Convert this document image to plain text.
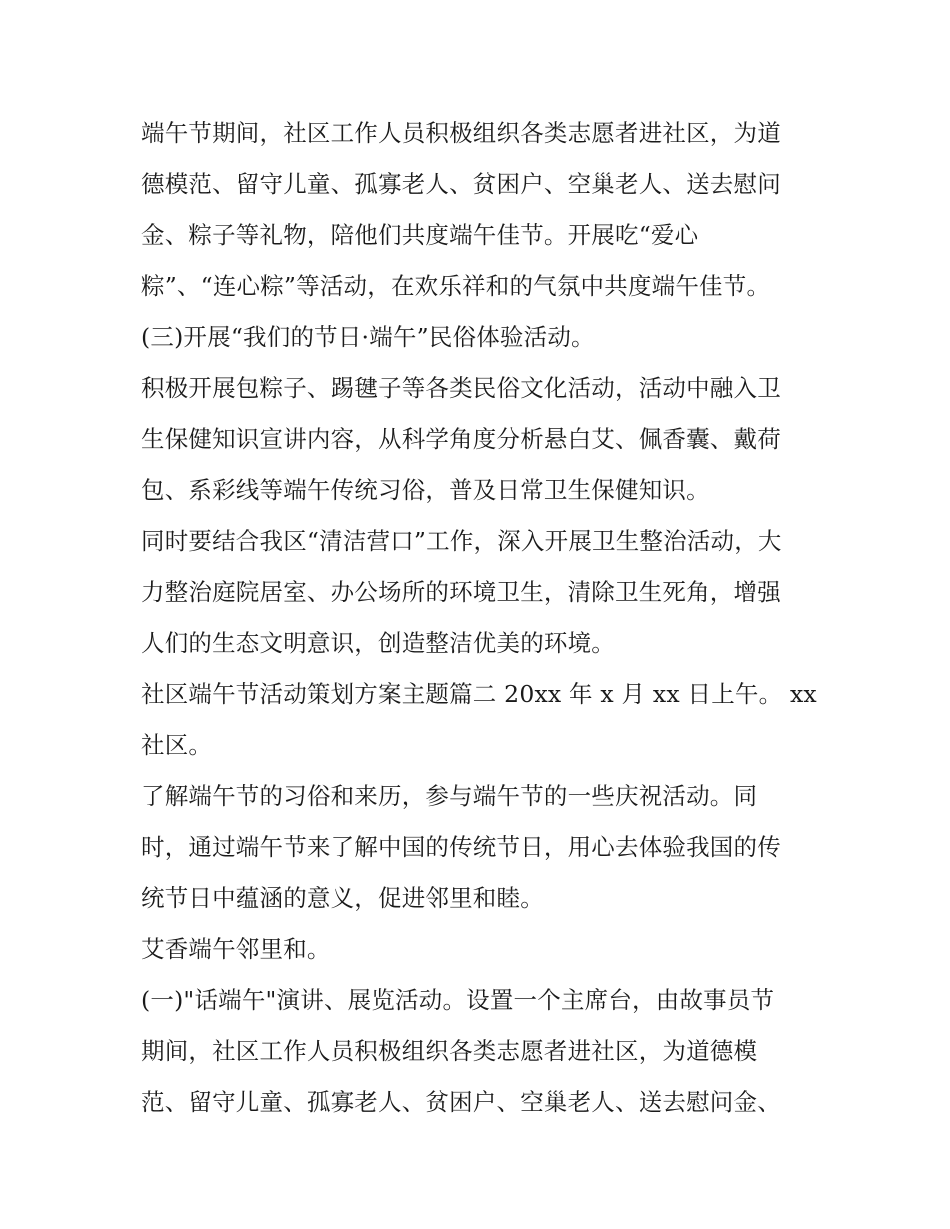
端午节期间，社区工作人员积极组织各类志愿者进社区，为道
德模范、留守儿童、孤寡老人、贫困户、空巢老人、送去慰问
金、粽子等礼物，陪他们共度端午佳节。开展吃“爱心
粽”、“连心粽”等活动，在欢乐祥和的气氛中共度端午佳节。
(三)开展“我们的节日·端午”民俗体验活动。
积极开展包粽子、踢毽子等各类民俗文化活动，活动中融入卫
生保健知识宣讲内容，从科学角度分析悬白艾、佩香囊、戴荷
包、系彩线等端午传统习俗，普及日常卫生保健知识。
同时要结合我区“清洁营口”工作，深入开展卫生整治活动，大
力整治庭院居室、办公场所的环境卫生，清除卫生死角，增强
人们的生态文明意识，创造整洁优美的环境。
社区端午节活动策划方案主题篇二 20xx 年 x 月 xx 日上午。 xx
社区。
了解端午节的习俗和来历，参与端午节的一些庆祝活动。同
时，通过端午节来了解中国的传统节日，用心去体验我国的传
统节日中蕴涵的意义，促进邻里和睦。
艾香端午邻里和。
(一)"话端午"演讲、展览活动。设置一个主席台，由故事员节
期间，社区工作人员积极组织各类志愿者进社区，为道德模
范、留守儿童、孤寡老人、贫困户、空巢老人、送去慰问金、
